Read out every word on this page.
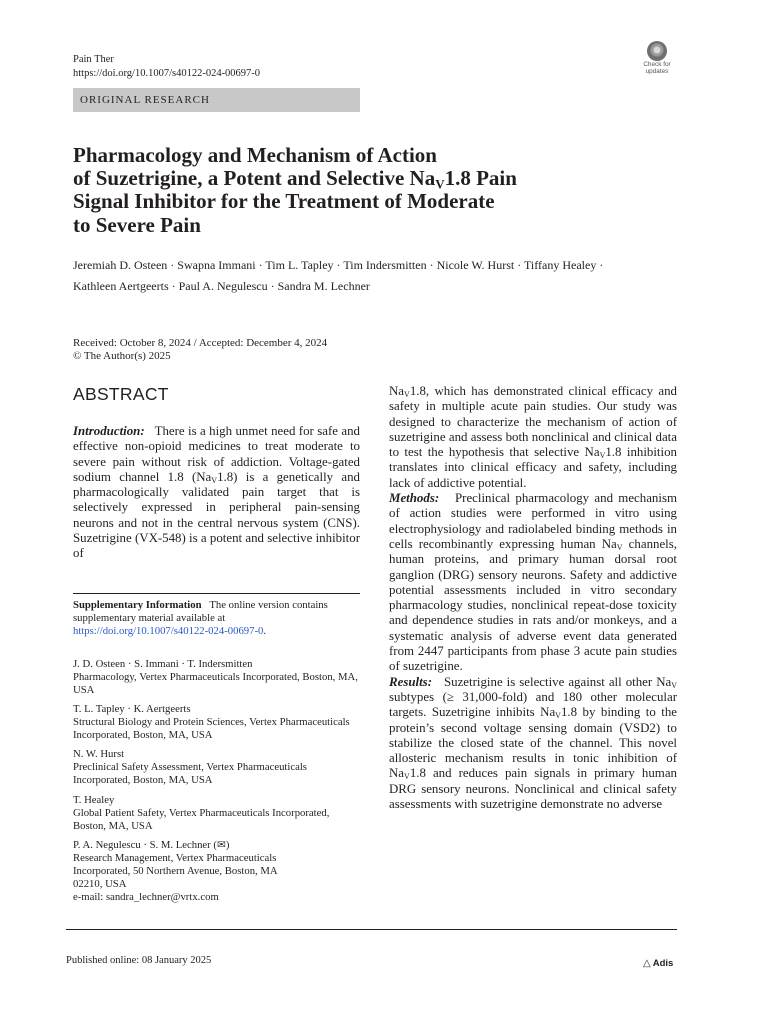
Pain Ther
https://doi.org/10.1007/s40122-024-00697-0
Check for
updates
ORIGINAL RESEARCH
Pharmacology and Mechanism of Action
of Suzetrigine, a Potent and Selective $Na_V1.8$ Pain
Signal Inhibitor for the Treatment of Moderate
to Severe Pain
Jeremiah D. Osteen · Swapna Immani · Tim L. Tapley · Tim Indersmitten · Nicole W. Hurst · Tiffany Healey ·
Kathleen Aertgeerts · Paul A. Negulescu · Sandra M. Lechner
Received: October 8, 2024 / Accepted: December 4, 2024
© The Author(s) 2025
ABSTRACT

Introduction: There is a high unmet need for safe and effective non-opioid medicines to treat moderate to severe pain without risk of addiction. Voltage-gated sodium channel 1.8 $(Na_V1.8)$ is a genetically and pharmacologically validated pain target that is selectively expressed in peripheral pain-sensing neurons and not in the central nervous system (CNS). Suzetrigine (VX-548) is a potent and selective inhibitor of

Supplementary Information The online version contains supplementary material available at https://doi.org/10.1007/s40122-024-00697-0.

J. D. Osteen · S. Immani · T. Indersmitten

Pharmacology, Vertex Pharmaceuticals Incorporated, Boston, MA, USA

T. L. Tapley · K. Aertgeerts

Structural Biology and Protein Sciences, Vertex Pharmaceuticals Incorporated, Boston, MA, USA

N. W. Hurst

Preclinical Safety Assessment, Vertex Pharmaceuticals Incorporated, Boston, MA, USA

T. Healey

Global Patient Safety, Vertex Pharmaceuticals Incorporated, Boston, MA, USA

P. A. Negulescu · S. M. Lechner (✉)

Research Management, Vertex Pharmaceuticals Incorporated, 50 Northern Avenue, Boston, MA 02210, USA

e-mail: sandra_lechner@vrtx.com

$Na_V1.8$, which has demonstrated clinical efficacy and safety in multiple acute pain studies. Our study was designed to characterize the mechanism of action of suzetrigine and assess both nonclinical and clinical data to test the hypothesis that selective $Na_V1.8$ inhibition translates into clinical efficacy and safety, including lack of addictive potential.

Methods: Preclinical pharmacology and mechanism of action studies were performed in vitro using electrophysiology and radiolabeled binding methods in cells recombinantly expressing human $Na_V$ channels, human proteins, and primary human dorsal root ganglion (DRG) sensory neurons. Safety and addictive potential assessments included in vitro secondary pharmacology studies, nonclinical repeat-dose toxicity and dependence studies in rats and/or monkeys, and a systematic analysis of adverse event data generated from 2447 participants from phase 3 acute pain studies of suzetrigine.

Results: Suzetrigine is selective against all other $Na_V$ subtypes (≥ 31,000-fold) and 180 other molecular targets. Suzetrigine inhibits $Na_V1.8$ by binding to the protein’s second voltage sensing domain (VSD2) to stabilize the closed state of the channel. This novel allosteric mechanism results in tonic inhibition of $Na_V1.8$ and reduces pain signals in primary human DRG sensory neurons. Nonclinical and clinical safety assessments with suzetrigine demonstrate no adverse

Published online: 08 January 2025	△ Adis
